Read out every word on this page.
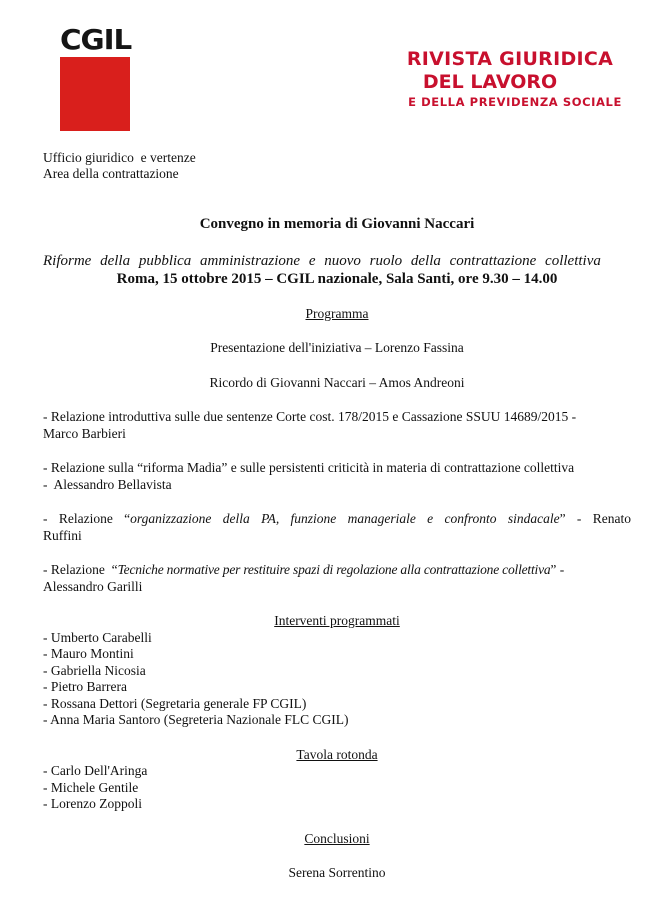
CGIL
RIVISTA GIURIDICA
DEL LAVORO
E DELLA PREVIDENZA SOCIALE
Ufficio giuridico  e vertenze
Area della contrattazione

Convegno in memoria di Giovanni Naccari

Riforme della pubblica amministrazione e nuovo ruolo della contrattazione collettiva

Roma, 15 ottobre 2015 – CGIL nazionale, Sala Santi, ore 9.30 – 14.00

Programma

Presentazione dell'iniziativa – Lorenzo Fassina

Ricordo di Giovanni Naccari – Amos Andreoni

- Relazione introduttiva sulle due sentenze Corte cost. 178/2015 e Cassazione SSUU 14689/2015 -
Marco Barbieri
- Relazione sulla “riforma Madia” e sulle persistenti criticità in materia di contrattazione collettiva
-  Alessandro Bellavista
- Relazione “organizzazione della PA, funzione manageriale e confronto sindacale” - Renato
Ruffini
- Relazione  “Tecniche normative per restituire spazi di regolazione alla contrattazione collettiva” -
Alessandro Garilli

Interventi programmati

- Umberto Carabelli
- Mauro Montini
- Gabriella Nicosia
- Pietro Barrera
- Rossana Dettori (Segretaria generale FP CGIL)
- Anna Maria Santoro (Segreteria Nazionale FLC CGIL)

Tavola rotonda

- Carlo Dell'Aringa
- Michele Gentile
- Lorenzo Zoppoli

Conclusioni

Serena Sorrentino
